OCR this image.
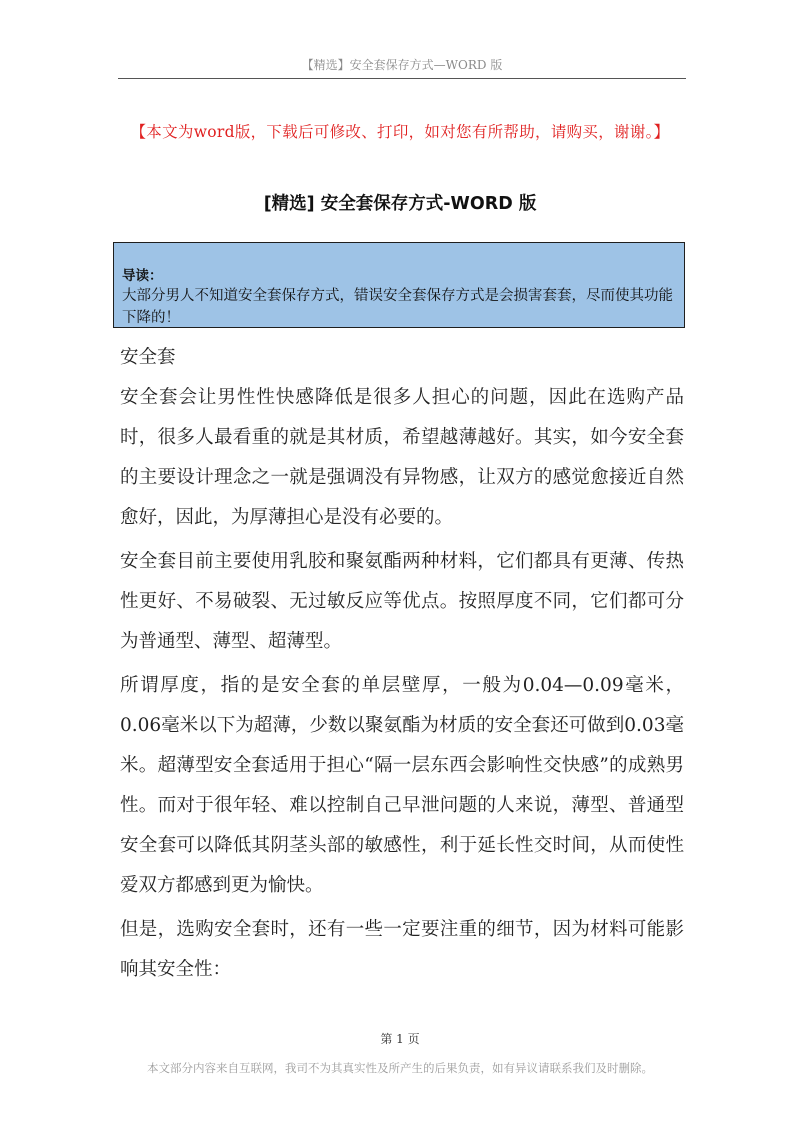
【精选】安全套保存方式—WORD 版
【本文为word版，下载后可修改、打印，如对您有所帮助，请购买，谢谢。】
[精选] 安全套保存方式-WORD 版
导读：
大部分男人不知道安全套保存方式，错误安全套保存方式是会损害套套，尽而使其功能下降的！

安全套

安全套会让男性性快感降低是很多人担心的问题，因此在选购产品时，很多人最看重的就是其材质，希望越薄越好。其实，如今安全套的主要设计理念之一就是强调没有异物感，让双方的感觉愈接近自然愈好，因此，为厚薄担心是没有必要的。

安全套目前主要使用乳胶和聚氨酯两种材料，它们都具有更薄、传热性更好、不易破裂、无过敏反应等优点。按照厚度不同，它们都可分为普通型、薄型、超薄型。

所谓厚度，指的是安全套的单层壁厚，一般为0.04—0.09毫米，0.06毫米以下为超薄，少数以聚氨酯为材质的安全套还可做到0.03毫米。超薄型安全套适用于担心“隔一层东西会影响性交快感”的成熟男性。而对于很年轻、难以控制自己早泄问题的人来说，薄型、普通型安全套可以降低其阴茎头部的敏感性，利于延长性交时间，从而使性爱双方都感到更为愉快。

但是，选购安全套时，还有一些一定要注重的细节，因为材料可能影响其安全性：

第 1 页
本文部分内容来自互联网，我司不为其真实性及所产生的后果负责，如有异议请联系我们及时删除。
